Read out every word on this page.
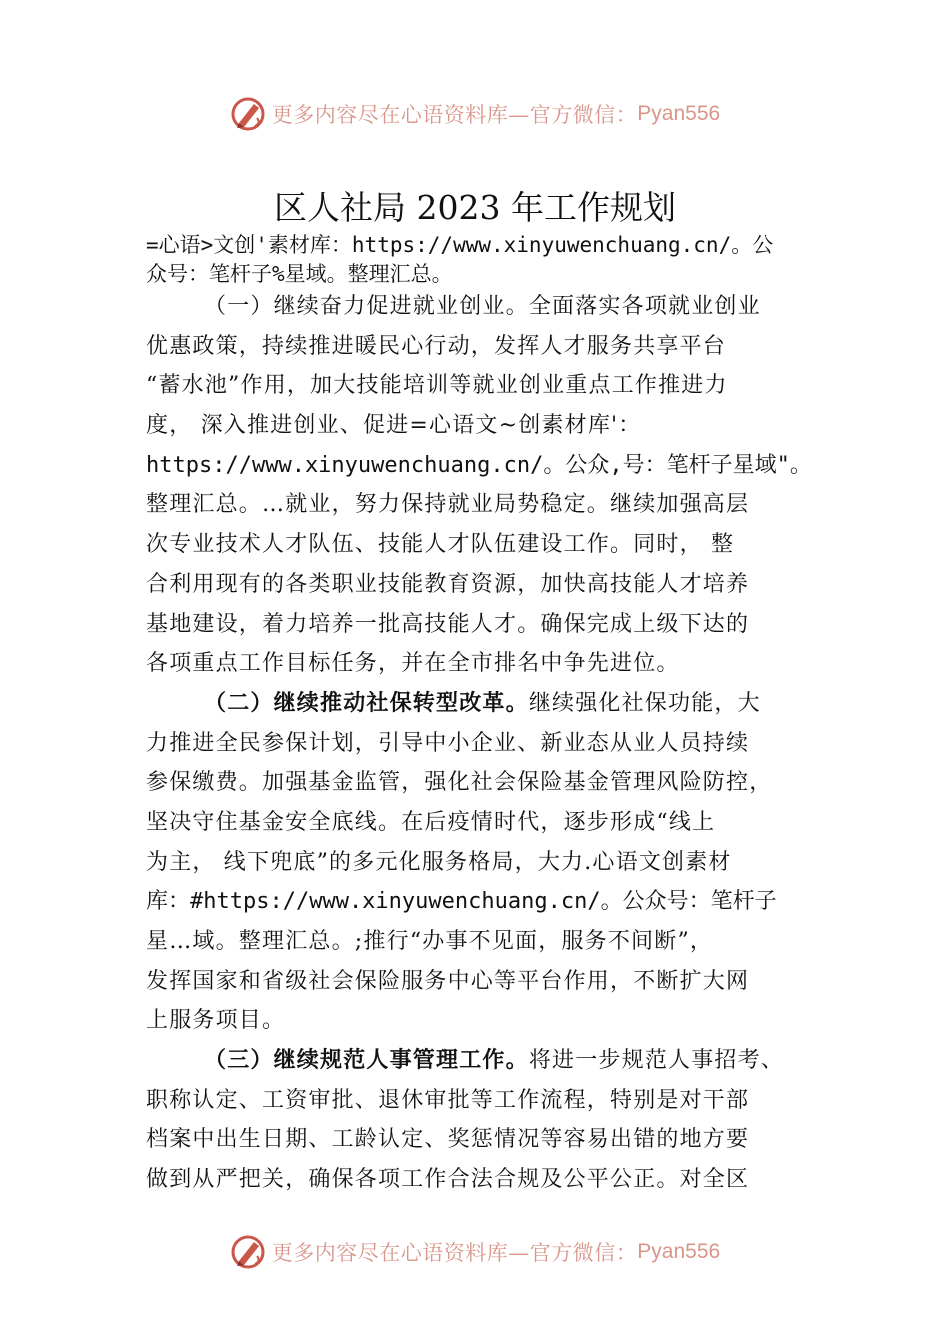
更多内容尽在心语资料库—官方微信： Pyan556
区人社局 2023 年工作规划
=心语>文创'素材库：https://www.xinyuwenchuang.cn/。公
众号：笔杆子%星域。整理汇总。
（一）继续奋力促进就业创业。全面落实各项就业创业
优惠政策，持续推进暖民心行动，发挥人才服务共享平台
“蓄水池”作用，加大技能培训等就业创业重点工作推进力
度， 深入推进创业、促进=心语文~创素材库'：
https://www.xinyuwenchuang.cn/。公众,号：笔杆子星域"。
整理汇总。…就业，努力保持就业局势稳定。继续加强高层
次专业技术人才队伍、技能人才队伍建设工作。同时， 整
合利用现有的各类职业技能教育资源，加快高技能人才培养
基地建设，着力培养一批高技能人才。确保完成上级下达的
各项重点工作目标任务，并在全市排名中争先进位。
（二）继续推动社保转型改革。继续强化社保功能，大
力推进全民参保计划，引导中小企业、新业态从业人员持续
参保缴费。加强基金监管，强化社会保险基金管理风险防控，
坚决守住基金安全底线。在后疫情时代，逐步形成“线上
为主， 线下兜底”的多元化服务格局，大力.心语文创素材
库：#https://www.xinyuwenchuang.cn/。公众号：笔杆子
星…域。整理汇总。;推行“办事不见面，服务不间断”，
发挥国家和省级社会保险服务中心等平台作用，不断扩大网
上服务项目。
（三）继续规范人事管理工作。将进一步规范人事招考、
职称认定、工资审批、退休审批等工作流程，特别是对干部
档案中出生日期、工龄认定、奖惩情况等容易出错的地方要
做到从严把关，确保各项工作合法合规及公平公正。对全区
更多内容尽在心语资料库—官方微信： Pyan556
